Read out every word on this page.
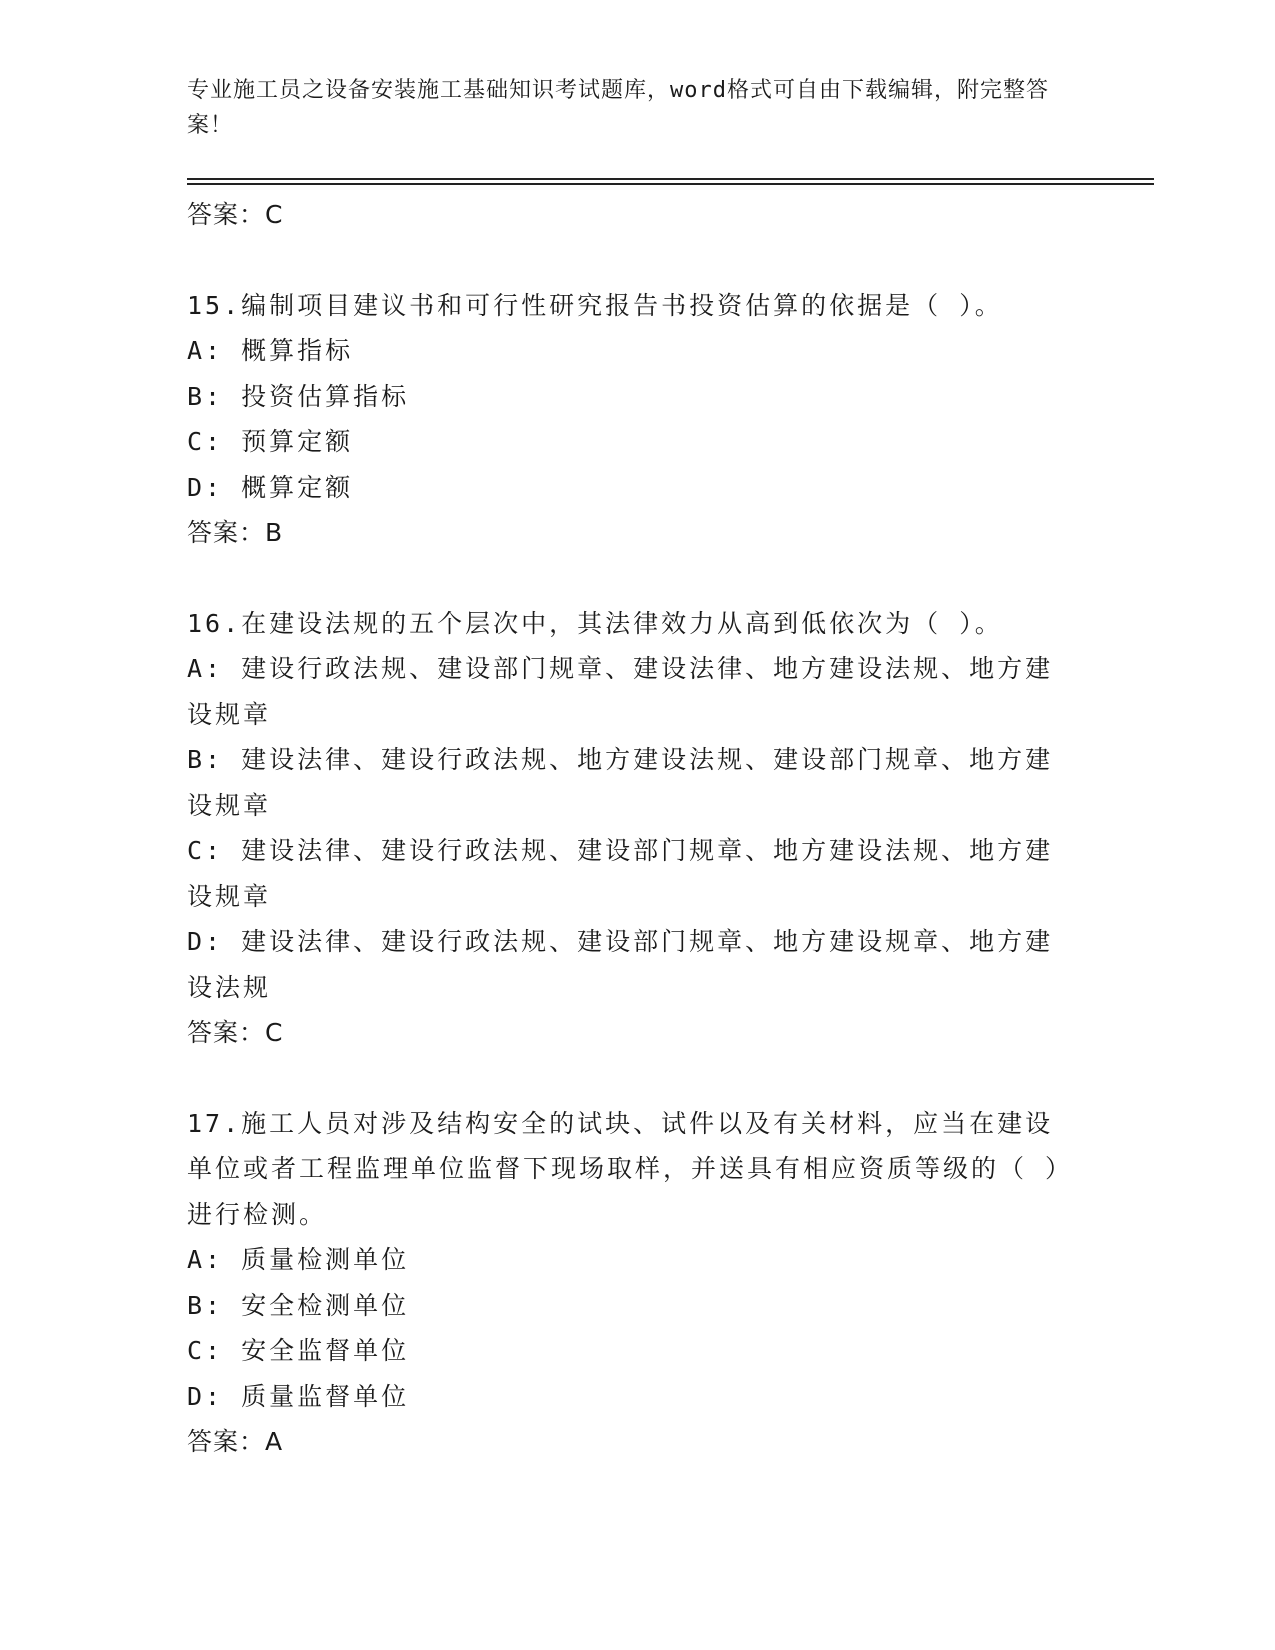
专业施工员之设备安装施工基础知识考试题库，word格式可自由下载编辑，附完整答案！
答案：C
15.编制项目建议书和可行性研究报告书投资估算的依据是（ ）。
A: 概算指标
B: 投资估算指标
C: 预算定额
D: 概算定额
答案：B
16.在建设法规的五个层次中，其法律效力从高到低依次为（ ）。
A: 建设行政法规、建设部门规章、建设法律、地方建设法规、地方建设规章
B: 建设法律、建设行政法规、地方建设法规、建设部门规章、地方建设规章
C: 建设法律、建设行政法规、建设部门规章、地方建设法规、地方建设规章
D: 建设法律、建设行政法规、建设部门规章、地方建设规章、地方建设法规
答案：C
17.施工人员对涉及结构安全的试块、试件以及有关材料，应当在建设单位或者工程监理单位监督下现场取样，并送具有相应资质等级的（ ）进行检测。
A: 质量检测单位
B: 安全检测单位
C: 安全监督单位
D: 质量监督单位
答案：A
